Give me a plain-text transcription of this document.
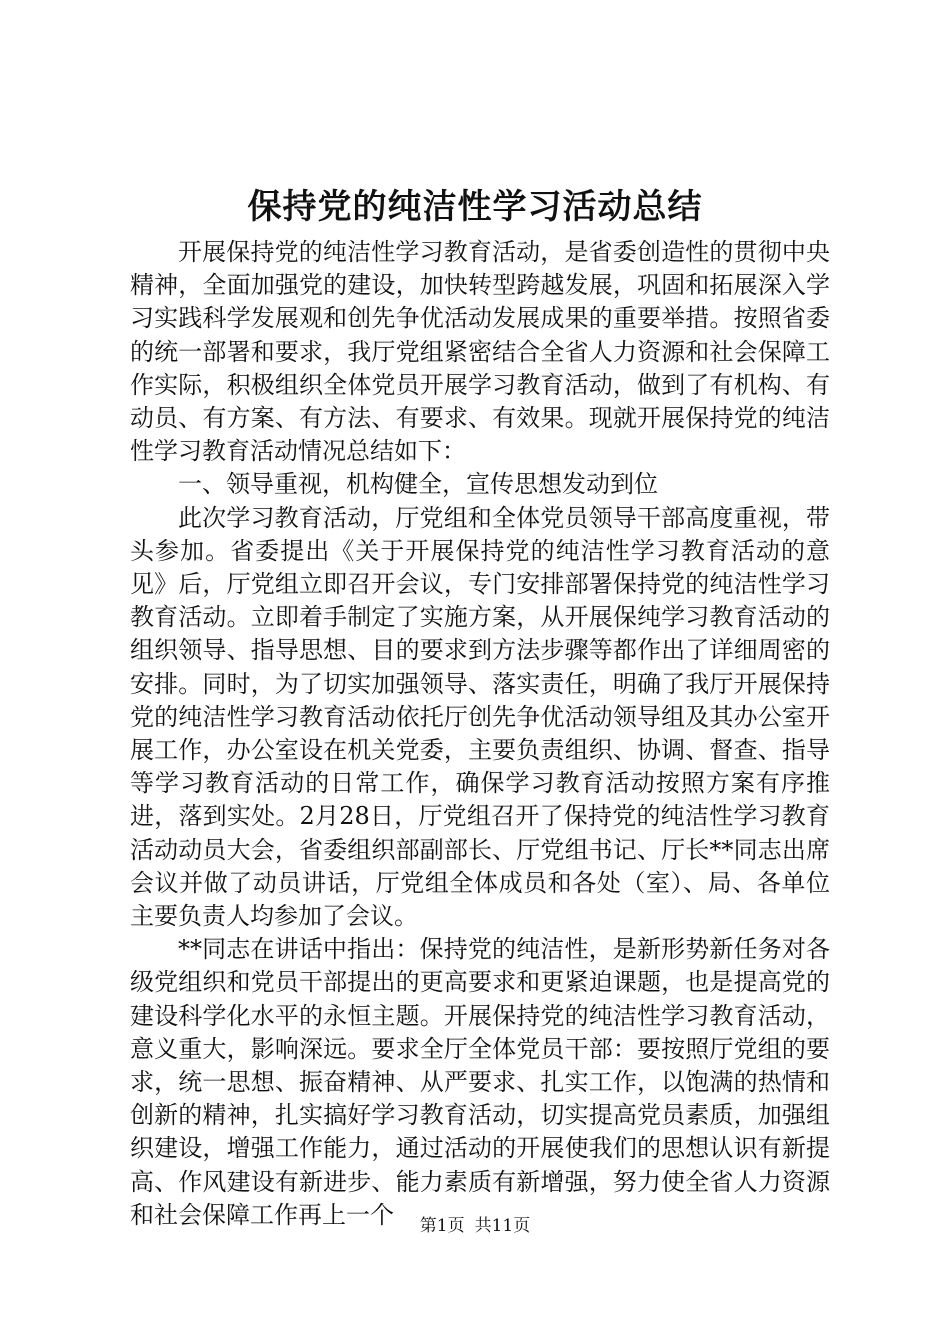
保持党的纯洁性学习活动总结

开展保持党的纯洁性学习教育活动，是省委创造性的贯彻中央精神，全面加强党的建设，加快转型跨越发展，巩固和拓展深入学习实践科学发展观和创先争优活动发展成果的重要举措。按照省委的统一部署和要求，我厅党组紧密结合全省人力资源和社会保障工作实际，积极组织全体党员开展学习教育活动，做到了有机构、有动员、有方案、有方法、有要求、有效果。现就开展保持党的纯洁性学习教育活动情况总结如下：

一、领导重视，机构健全，宣传思想发动到位

此次学习教育活动，厅党组和全体党员领导干部高度重视，带头参加。省委提出《关于开展保持党的纯洁性学习教育活动的意见》后，厅党组立即召开会议，专门安排部署保持党的纯洁性学习教育活动。立即着手制定了实施方案，从开展保纯学习教育活动的组织领导、指导思想、目的要求到方法步骤等都作出了详细周密的安排。同时，为了切实加强领导、落实责任，明确了我厅开展保持党的纯洁性学习教育活动依托厅创先争优活动领导组及其办公室开展工作，办公室设在机关党委，主要负责组织、协调、督查、指导等学习教育活动的日常工作，确保学习教育活动按照方案有序推进，落到实处。2月28日，厅党组召开了保持党的纯洁性学习教育活动动员大会，省委组织部副部长、厅党组书记、厅长**同志出席会议并做了动员讲话，厅党组全体成员和各处（室）、局、各单位主要负责人均参加了会议。

**同志在讲话中指出：保持党的纯洁性，是新形势新任务对各级党组织和党员干部提出的更高要求和更紧迫课题，也是提高党的建设科学化水平的永恒主题。开展保持党的纯洁性学习教育活动，意义重大，影响深远。要求全厅全体党员干部：要按照厅党组的要求，统一思想、振奋精神、从严要求、扎实工作，以饱满的热情和创新的精神，扎实搞好学习教育活动，切实提高党员素质，加强组织建设，增强工作能力，通过活动的开展使我们的思想认识有新提高、作风建设有新进步、能力素质有新增强，努力使全省人力资源和社会保障工作再上一个	第1页 共11页
